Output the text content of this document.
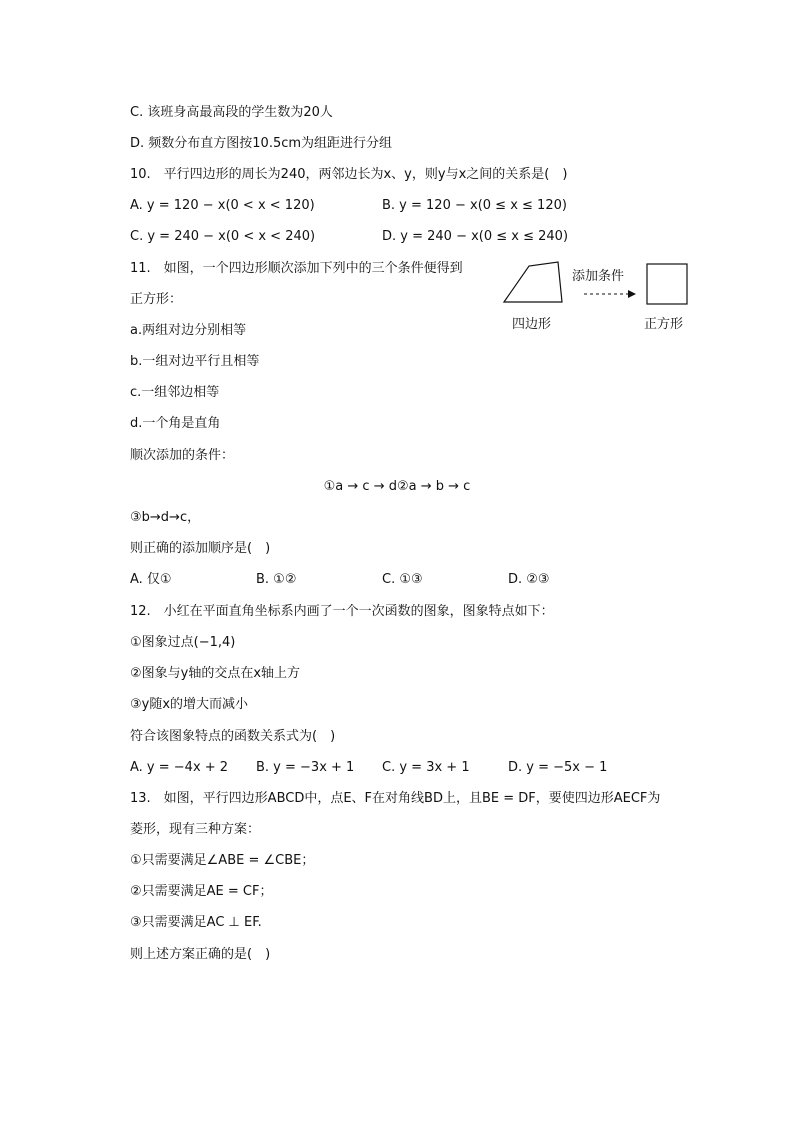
C. 该班身高最高段的学生数为20人
D. 频数分布直方图按10.5cm为组距进行分组
10.　平行四边形的周长为240，两邻边长为x、y，则y与x之间的关系是(　)
A. y = 120 − x(0 < x < 120)	B. y = 120 − x(0 ≤ x ≤ 120)
C. y = 240 − x(0 < x < 240)	D. y = 240 − x(0 ≤ x ≤ 240)
11.　如图，一个四边形顺次添加下列中的三个条件便得到
正方形：
四边形
添加条件
正方形
a.两组对边分别相等
b.一组对边平行且相等
c.一组邻边相等
d.一个角是直角
顺次添加的条件：
①a → c → d②a → b → c
③b→d→c，
则正确的添加顺序是(　)
A. 仅①	B. ①②	C. ①③	D. ②③
12.　小红在平面直角坐标系内画了一个一次函数的图象，图象特点如下：
①图象过点(−1,4)
②图象与y轴的交点在x轴上方
③y随x的增大而减小
符合该图象特点的函数关系式为(　)
A. y = −4x + 2 B. y = −3x + 1 C. y = 3x + 1	D. y = −5x − 1
13.　如图，平行四边形ABCD中，点E、F在对角线BD上，且BE = DF，要使四边形AECF为
菱形，现有三种方案：
①只需要满足∠ABE = ∠CBE；
②只需要满足AE = CF；
③只需要满足AC ⊥ EF.
则上述方案正确的是(　)
